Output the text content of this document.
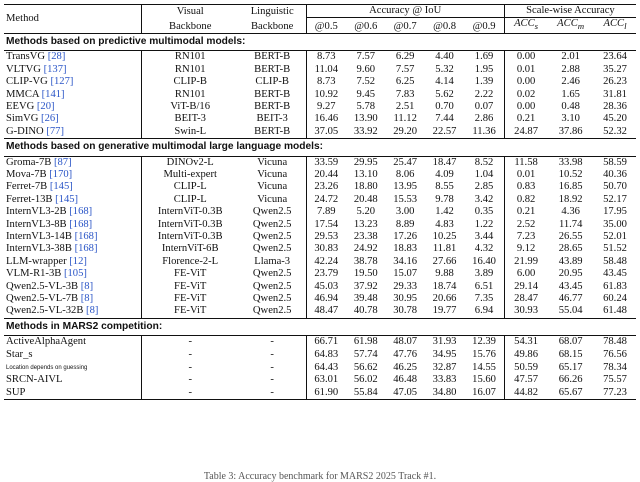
Method	Visual	Linguistic	Accuracy @ IoU					Scale-wise Accuracy		
	Backbone	Backbone	@0.5	@0.6	@0.7	@0.8	@0.9	$ACC_s$	$ACC_m$	$ACC_l$
Methods based on predictive multimodal models:										
TransVG [28]	RN101	BERT-B	8.73	7.57	6.29	4.40	1.69	0.00	2.01	23.64
VLTVG [137]	RN101	BERT-B	11.04	9.60	7.57	5.32	1.95	0.01	2.88	35.27
CLIP-VG [127]	CLIP-B	CLIP-B	8.73	7.52	6.25	4.14	1.39	0.00	2.46	26.23
MMCA [141]	RN101	BERT-B	10.92	9.45	7.83	5.62	2.22	0.02	1.65	31.81
EEVG [20]	ViT-B/16	BERT-B	9.27	5.78	2.51	0.70	0.07	0.00	0.48	28.36
SimVG [26]	BEIT-3	BEIT-3	16.46	13.90	11.12	7.44	2.86	0.21	3.10	45.20
G-DINO [77]	Swin-L	BERT-B	37.05	33.92	29.20	22.57	11.36	24.87	37.86	52.32
Methods based on generative multimodal large language models:										
Groma-7B [87]	DINOv2-L	Vicuna	33.59	29.95	25.47	18.47	8.52	11.58	33.98	58.59
Mova-7B [170]	Multi-expert	Vicuna	20.44	13.10	8.06	4.09	1.04	0.01	10.52	40.36
Ferret-7B [145]	CLIP-L	Vicuna	23.26	18.80	13.95	8.55	2.85	0.83	16.85	50.70
Ferret-13B [145]	CLIP-L	Vicuna	24.72	20.48	15.53	9.78	3.42	0.82	18.92	52.17
InternVL3-2B [168]	InternViT-0.3B	Qwen2.5	7.89	5.20	3.00	1.42	0.35	0.21	4.36	17.95
InternVL3-8B [168]	InternViT-0.3B	Qwen2.5	17.54	13.23	8.89	4.83	1.22	2.52	11.74	35.00
InternVL3-14B [168]	InternViT-0.3B	Qwen2.5	29.53	23.38	17.26	10.25	3.44	7.23	26.55	52.01
InternVL3-38B [168]	InternViT-6B	Qwen2.5	30.83	24.92	18.83	11.81	4.32	9.12	28.65	51.52
LLM-wrapper [12]	Florence-2-L	Llama-3	42.24	38.78	34.16	27.66	16.40	21.99	43.89	58.48
VLM-R1-3B [105]	FE-ViT	Qwen2.5	23.79	19.50	15.07	9.88	3.89	6.00	20.95	43.45
Qwen2.5-VL-3B [8]	FE-ViT	Qwen2.5	45.03	37.92	29.33	18.74	6.51	29.14	43.45	61.83
Qwen2.5-VL-7B [8]	FE-ViT	Qwen2.5	46.94	39.48	30.95	20.66	7.35	28.47	46.77	60.24
Qwen2.5-VL-32B [8]	FE-ViT	Qwen2.5	48.47	40.78	30.78	19.77	6.94	30.93	55.04	61.48
Methods in MARS2 competition:										
ActiveAlphaAgent	-	-	66.71	61.98	48.07	31.93	12.39	54.31	68.07	78.48
Star_s	-	-	64.83	57.74	47.76	34.95	15.76	49.86	68.15	76.56
Location depends on guessing	-	-	64.43	56.62	46.25	32.87	14.55	50.59	65.17	78.34
SRCN-AIVL	-	-	63.01	56.02	46.48	33.83	15.60	47.57	66.26	75.57
SUP	-	-	61.90	55.84	47.05	34.80	16.07	44.82	65.67	77.23
Table 3: Accuracy benchmark for MARS2 2025 Track #1.
